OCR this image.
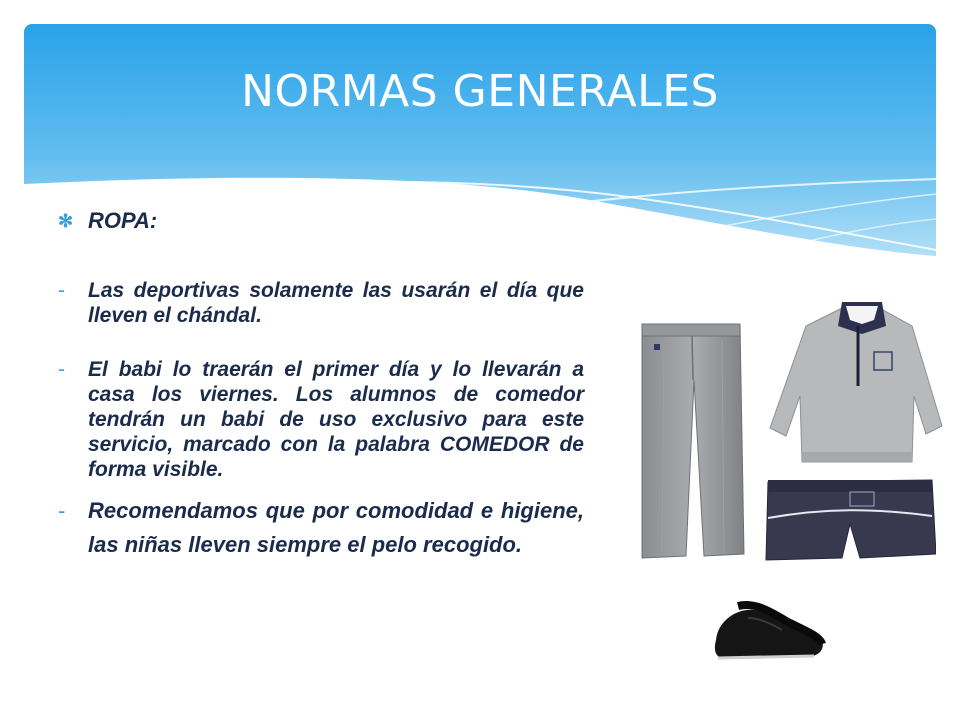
NORMAS GENERALES
✻ ROPA:
- Las deportivas solamente las usarán el día que lleven el chándal.
- El babi lo traerán el primer día y lo llevarán a casa los viernes. Los alumnos de comedor tendrán un babi de uso exclusivo para este servicio, marcado con la palabra COMEDOR de forma visible.
- Recomendamos que por comodidad e higiene, las niñas lleven siempre el pelo recogido.
